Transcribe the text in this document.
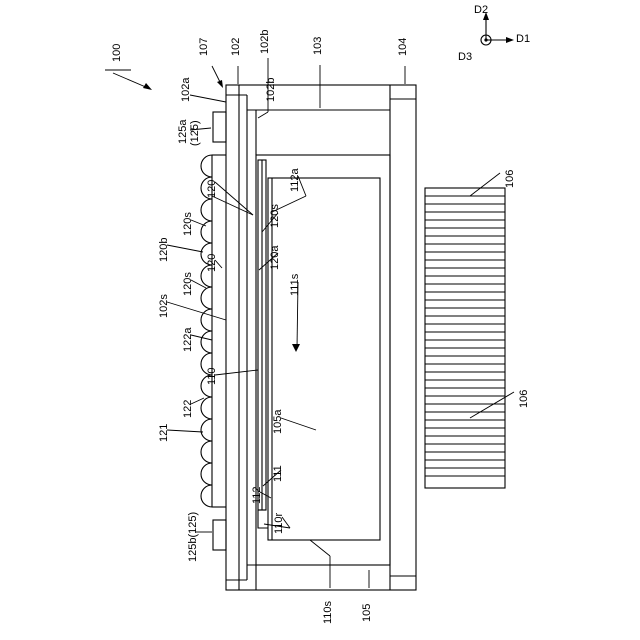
100	107 102 102b	103	104
102a	102b
125a (125)
106
120	112a
120s	120s
120b
120	120a
120s	111s
102s
122a
110
122
106
105a
121
111
112
125b(125)	110r
110s 105
D2
D1
D3
